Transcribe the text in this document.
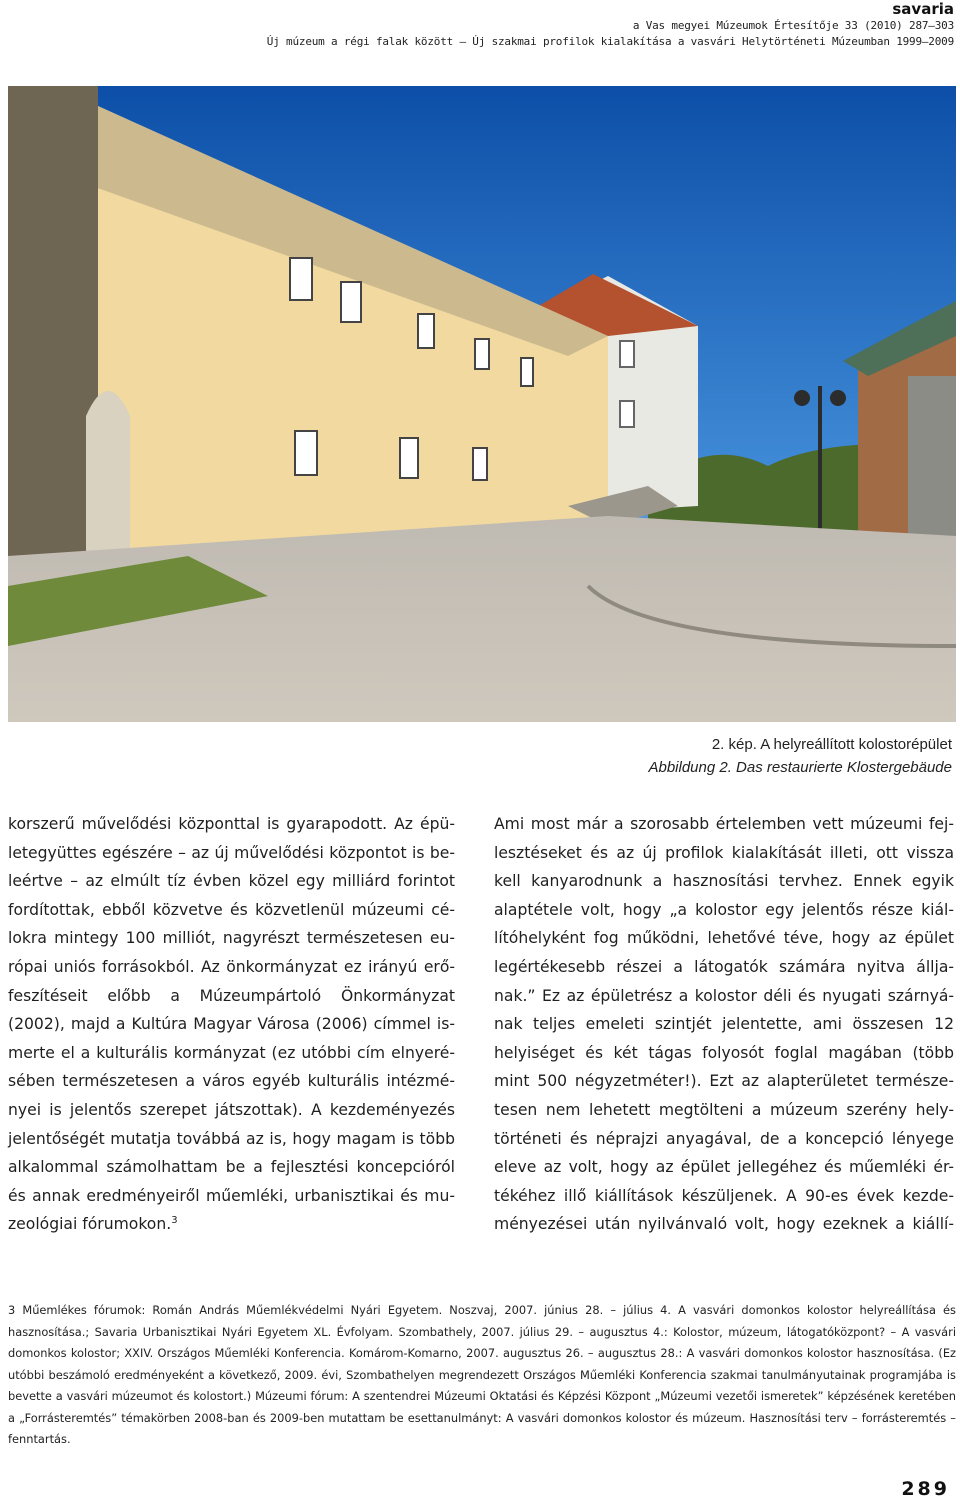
savaria
a Vas megyei Múzeumok Értesítője 33 (2010) 287–303
Új múzeum a régi falak között – Új szakmai profilok kialakítása a vasvári Helytörténeti Múzeumban 1999–2009
2. kép. A helyreállított kolostorépület
Abbildung 2. Das restaurierte Klostergebäude

korszerű művelődési központtal is gyarapodott. Az épü-

letegyüttes egészére – az új művelődési központot is be-

leértve – az elmúlt tíz évben közel egy milliárd forintot

fordítottak, ebből közvetve és közvetlenül múzeumi cé-

lokra mintegy 100 milliót, nagyrészt természetesen eu-

rópai uniós forrásokból. Az önkormányzat ez irányú erő-

feszítéseit előbb a Múzeumpártoló Önkormányzat

(2002), majd a Kultúra Magyar Városa (2006) címmel is-

merte el a kulturális kormányzat (ez utóbbi cím elnyeré-

sében természetesen a város egyéb kulturális intézmé-

nyei is jelentős szerepet játszottak). A kezdeményezés

jelentőségét mutatja továbbá az is, hogy magam is több

alkalommal számolhattam be a fejlesztési koncepcióról

és annak eredményeiről műemléki, urbanisztikai és mu-

zeológiai fórumokon.$^3$

Ami most már a szorosabb értelemben vett múzeumi fej-

lesztéseket és az új profilok kialakítását illeti, ott vissza

kell kanyarodnunk a hasznosítási tervhez. Ennek egyik

alaptétele volt, hogy „a kolostor egy jelentős része kiál-

lítóhelyként fog működni, lehetővé téve, hogy az épület

legértékesebb részei a látogatók számára nyitva állja-

nak.” Ez az épületrész a kolostor déli és nyugati szárnyá-

nak teljes emeleti szintjét jelentette, ami összesen 12

helyiséget és két tágas folyosót foglal magában (több

mint 500 négyzetméter!). Ezt az alapterületet természe-

tesen nem lehetett megtölteni a múzeum szerény hely-

történeti és néprajzi anyagával, de a koncepció lényege

eleve az volt, hogy az épület jellegéhez és műemléki ér-

tékéhez illő kiállítások készüljenek. A 90-es évek kezde-

ményezései után nyilvánvaló volt, hogy ezeknek a kiállí-

3 Műemlékes fórumok: Román András Műemlékvédelmi Nyári Egyetem. Noszvaj, 2007. június 28. – július 4. A vasvári domonkos kolostor helyreállítása és hasznosítása.; Savaria Urbanisztikai Nyári Egyetem XL. Évfolyam. Szombathely, 2007. július 29. – augusztus 4.: Kolostor, múzeum, látogatóközpont? – A vasvári domonkos kolostor; XXIV. Országos Műemléki Konferencia. Komárom-Komarno, 2007. augusztus 26. – augusztus 28.: A vasvári domonkos kolostor hasznosítása. (Ez utóbbi beszámoló eredményeként a következő, 2009. évi, Szombathelyen megrendezett Országos Műemléki Konferencia szakmai tanulmányutainak programjába is bevette a vasvári múzeumot és kolostort.) Múzeumi fórum: A szentendrei Múzeumi Oktatási és Képzési Központ „Múzeumi vezetői ismeretek” képzésének keretében a „Forrásteremtés” témakörben 2008-ban és 2009-ben mutattam be esettanulmányt: A vasvári domonkos kolostor és múzeum. Hasznosítási terv – forrásteremtés – fenntartás.

289
